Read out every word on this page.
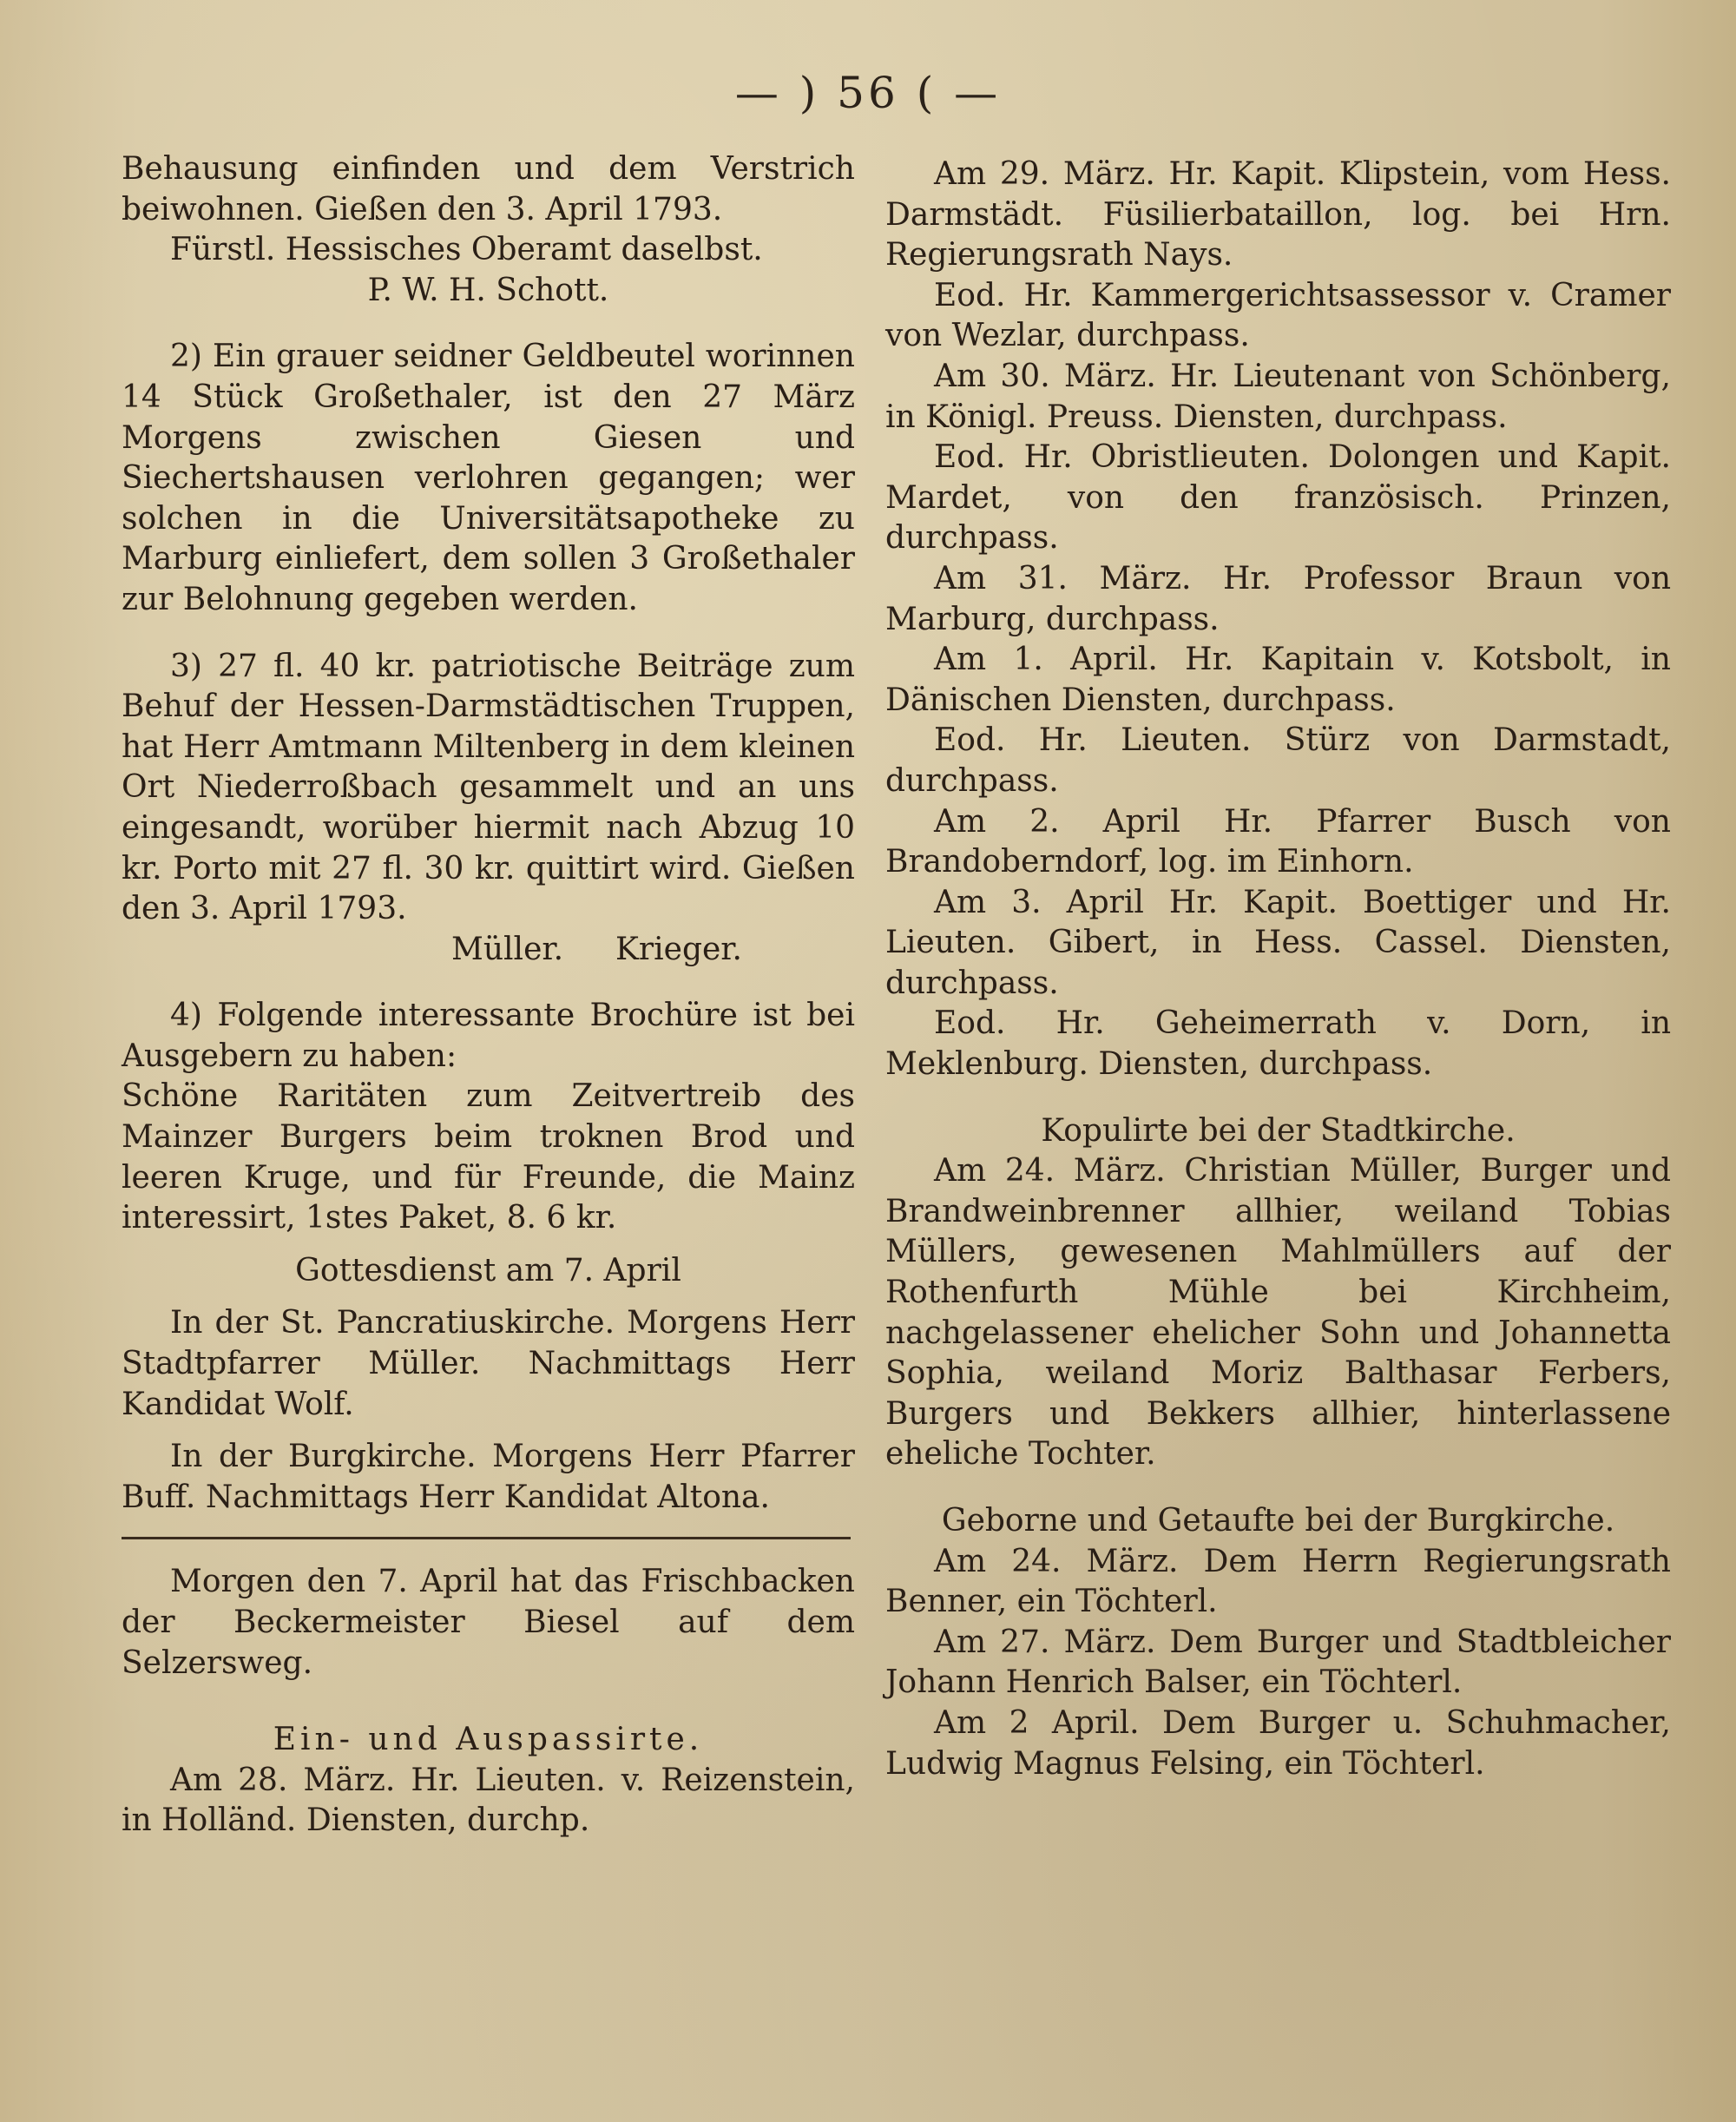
— ) 56 ( —

Behausung einfinden und dem Verstrich beiwohnen. Gießen den 3. April 1793.

Fürstl. Hessisches Oberamt daselbst.

P. W. H. Schott.

2) Ein grauer seidner Geldbeutel worinnen 14 Stück Großethaler, ist den 27 März Morgens zwischen Giesen und Siechertshausen verlohren gegangen; wer solchen in die Universitätsapotheke zu Marburg einliefert, dem sollen 3 Großethaler zur Belohnung gegeben werden.

3) 27 fl. 40 kr. patriotische Beiträge zum Behuf der Hessen-Darmstädtischen Truppen, hat Herr Amtmann Miltenberg in dem kleinen Ort Niederroßbach gesammelt und an uns eingesandt, worüber hiermit nach Abzug 10 kr. Porto mit 27 fl. 30 kr. quittirt wird. Gießen den 3. April 1793.

Müller. Krieger.

4) Folgende interessante Brochüre ist bei Ausgebern zu haben:

Schöne Raritäten zum Zeitvertreib des Mainzer Burgers beim troknen Brod und leeren Kruge, und für Freunde, die Mainz interessirt, 1stes Paket, 8. 6 kr.

Gottesdienst am 7. April

In der St. Pancratiuskirche. Morgens Herr Stadtpfarrer Müller. Nachmittags Herr Kandidat Wolf.

In der Burgkirche. Morgens Herr Pfarrer Buff. Nachmittags Herr Kandidat Altona.

Morgen den 7. April hat das Frischbacken der Beckermeister Biesel auf dem Selzersweg.

Ein- und Auspassirte.

Am 28. März. Hr. Lieuten. v. Reizenstein, in Holländ. Diensten, durchp.

Am 29. März. Hr. Kapit. Klipstein, vom Hess. Darmstädt. Füsilierbataillon, log. bei Hrn. Regierungsrath Nays.

Eod. Hr. Kammergerichtsassessor v. Cramer von Wezlar, durchpass.

Am 30. März. Hr. Lieutenant von Schönberg, in Königl. Preuss. Diensten, durchpass.

Eod. Hr. Obristlieuten. Dolongen und Kapit. Mardet, von den französisch. Prinzen, durchpass.

Am 31. März. Hr. Professor Braun von Marburg, durchpass.

Am 1. April. Hr. Kapitain v. Kotsbolt, in Dänischen Diensten, durchpass.

Eod. Hr. Lieuten. Stürz von Darmstadt, durchpass.

Am 2. April Hr. Pfarrer Busch von Brandoberndorf, log. im Einhorn.

Am 3. April Hr. Kapit. Boettiger und Hr. Lieuten. Gibert, in Hess. Cassel. Diensten, durchpass.

Eod. Hr. Geheimerrath v. Dorn, in Meklenburg. Diensten, durchpass.

Kopulirte bei der Stadtkirche.

Am 24. März. Christian Müller, Burger und Brandweinbrenner allhier, weiland Tobias Müllers, gewesenen Mahlmüllers auf der Rothenfurth Mühle bei Kirchheim, nachgelassener ehelicher Sohn und Johannetta Sophia, weiland Moriz Balthasar Ferbers, Burgers und Bekkers allhier, hinterlassene eheliche Tochter.

Geborne und Getaufte bei der Burgkirche.

Am 24. März. Dem Herrn Regierungsrath Benner, ein Töchterl.

Am 27. März. Dem Burger und Stadtbleicher Johann Henrich Balser, ein Töchterl.

Am 2 April. Dem Burger u. Schuhmacher, Ludwig Magnus Felsing, ein Töchterl.
